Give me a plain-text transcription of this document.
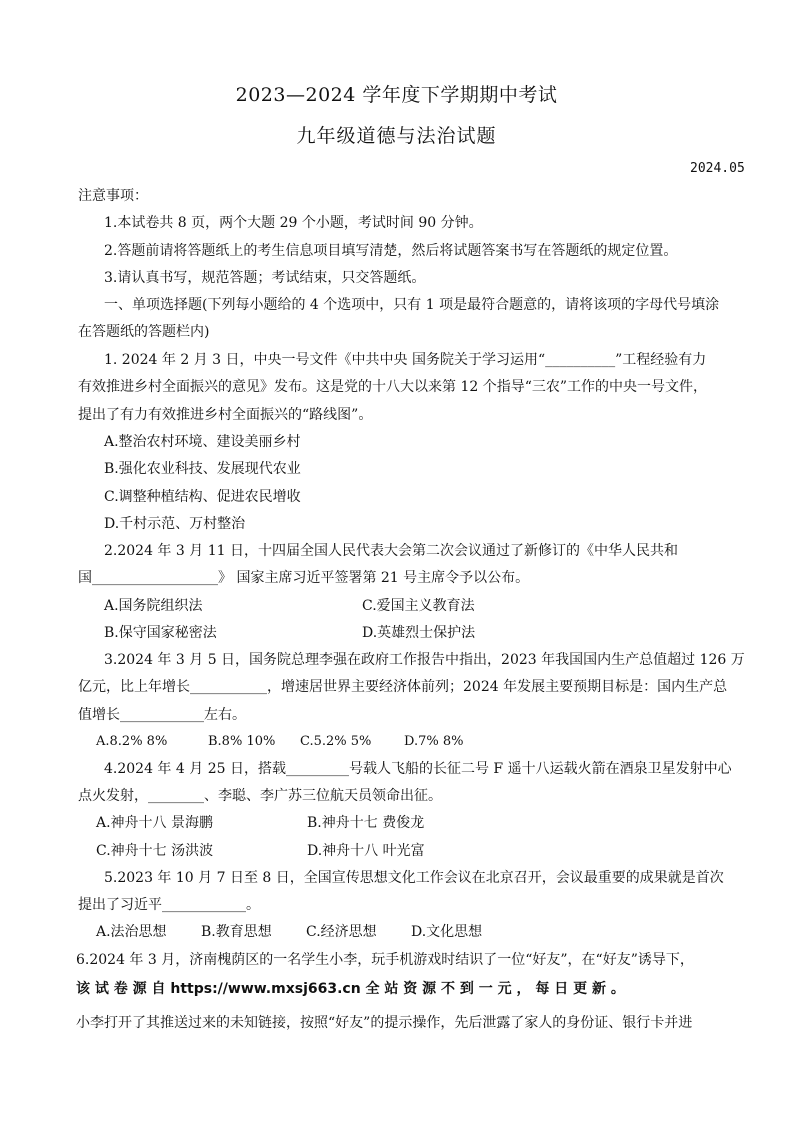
2023—2024 学年度下学期期中考试
九年级道德与法治试题
2024.05
注意事项：
1.本试卷共 8 页，两个大题 29 个小题，考试时间 90 分钟。
2.答题前请将答题纸上的考生信息项目填写清楚，然后将试题答案书写在答题纸的规定位置。
3.请认真书写，规范答题；考试结束，只交答题纸。
一、单项选择题(下列每小题给的 4 个选项中，只有 1 项是最符合题意的，请将该项的字母代号填涂
在答题纸的答题栏内)
1. 2024 年 2 月 3 日，中央一号文件《中共中央 国务院关于学习运用“__________”工程经验有力
有效推进乡村全面振兴的意见》发布。这是党的十八大以来第 12 个指导“三农”工作的中央一号文件，
提出了有力有效推进乡村全面振兴的“路线图”。
A.整治农村环境、建设美丽乡村
B.强化农业科技、发展现代农业
C.调整种植结构、促进农民增收
D.千村示范、万村整治
2.2024 年 3 月 11 日，十四届全国人民代表大会第二次会议通过了新修订的《中华人民共和
国__________________》 国家主席习近平签署第 21 号主席令予以公布。
A.国务院组织法	C.爱国主义教育法
B.保守国家秘密法	D.英雄烈士保护法
3.2024 年 3 月 5 日，国务院总理李强在政府工作报告中指出，2023 年我国国内生产总值超过 126 万
亿元，比上年增长___________，增速居世界主要经济体前列；2024 年发展主要预期目标是：国内生产总
值增长____________左右。
A.8.2% 8%	B.8% 10% C.5.2% 5%	D.7% 8%
4.2024 年 4 月 25 日，搭载_________号载人飞船的长征二号 F 遥十八运载火箭在酒泉卫星发射中心
点火发射，________、李聪、李广苏三位航天员领命出征。
A.神舟十八 景海鹏	B.神舟十七 费俊龙
C.神舟十七 汤洪波	D.神舟十八 叶光富
5.2023 年 10 月 7 日至 8 日，全国宣传思想文化工作会议在北京召开，会议最重要的成果就是首次
提出了习近平____________。
A.法治思想 B.教育思想 C.经济思想 D.文化思想
6.2024 年 3 月，济南槐荫区的一名学生小李，玩手机游戏时结识了一位“好友”，在“好友”诱导下，
该 试 卷 源 自 https://www.mxsj663.cn 全 站 资 源 不 到 一 元 ， 每 日 更 新 。
小李打开了其推送过来的未知链接，按照“好友”的提示操作，先后泄露了家人的身份证、银行卡并进
